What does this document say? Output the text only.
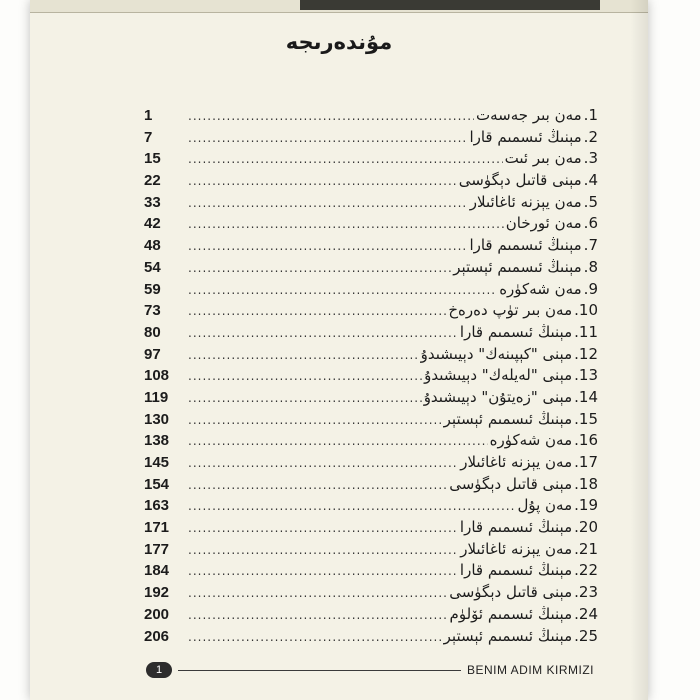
مۇندەرىجە
1 .....	مەن بىر جەسەت 1.
7 .....	مېنىڭ ئىسمىم قارا 2.
15 .....	مەن بىر ئىت 3.
22 .....	مېنى قاتىل دېگۈسى 4.
33 .....	مەن يېزنە ئاغائىلار 5.
42 .....	مەن ئورخان 6.
48 .....	مېنىڭ ئىسمىم قارا 7.
54 .....	مېنىڭ ئىسمىم ئېستېر 8.
59 .....	مەن شەكۈرە 9.
73 .....	مەن بىر تۈپ دەرەخ 10.
80 .....	مېنىڭ ئىسمىم قارا 11.
97 .....	مېنى "كېپىنەك" دېيىشىدۇ 12.
108 .....	مېنى "لەيلەك" دېيىشىدۇ 13.
119 .....	مېنى "زەيتۇن" دېيىشىدۇ 14.
130 .....	مېنىڭ ئىسمىم ئېستېر 15.
138 .....	مەن شەكۈرە 16.
145 .....	مەن يېزنە ئاغائىلار 17.
154 .....	مېنى قاتىل دېگۈسى 18.
163 .....	مەن پۇل 19.
171 .....	مېنىڭ ئىسمىم قارا 20.
177 .....	مەن يېزنە ئاغائىلار 21.
184 .....	مېنىڭ ئىسمىم قارا 22.
192 .....	مېنى قاتىل دېگۈسى 23.
200 .....	مېنىڭ ئىسمىم ئۆلۈم 24.
206 .....	مېنىڭ ئىسمىم ئېستېر 25.
1	BENIM ADIM KIRMIZI
